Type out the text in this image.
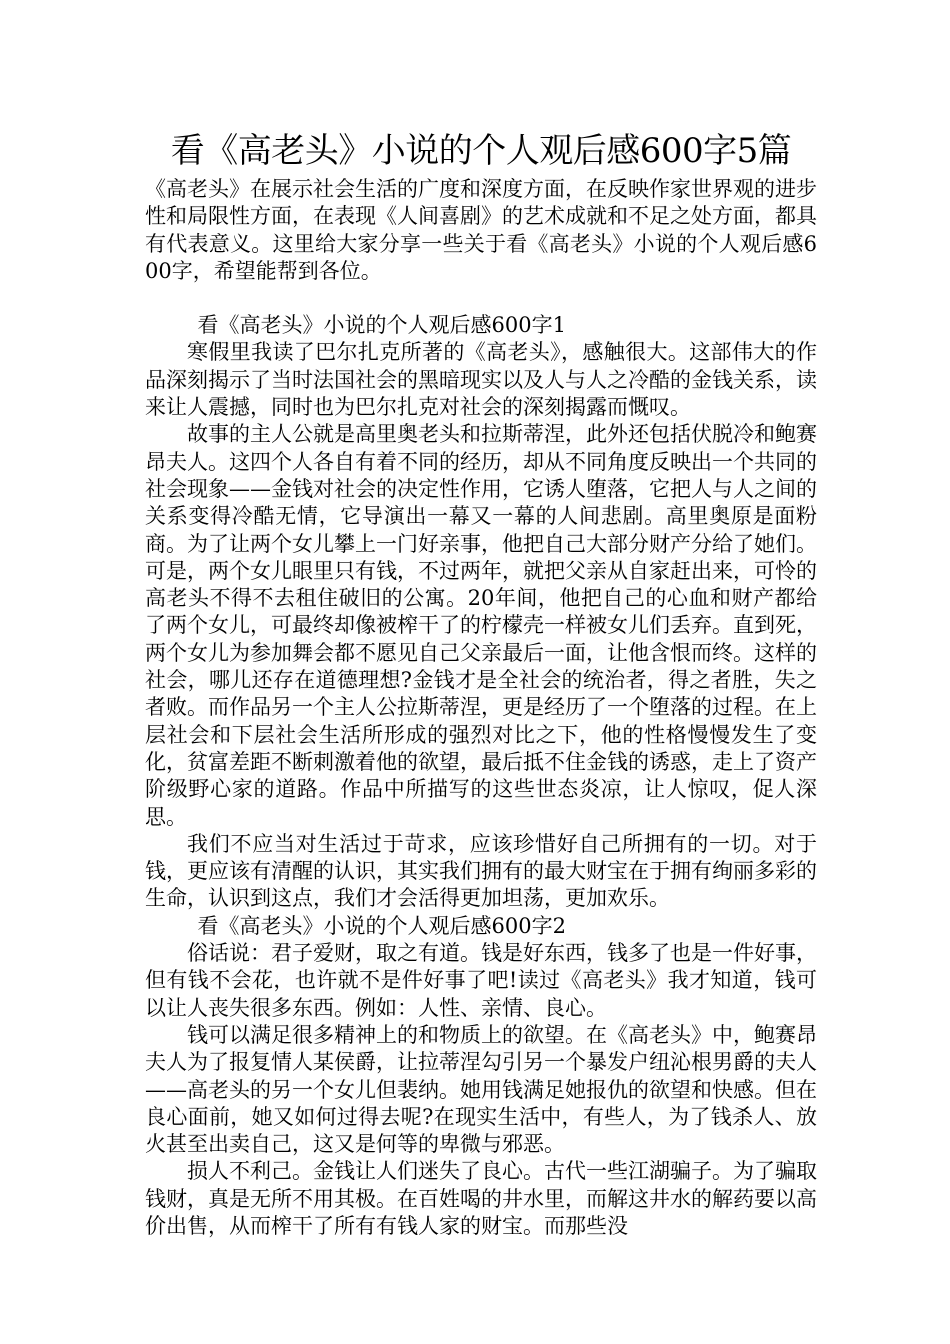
看《高老头》小说的个人观后感600字5篇

《高老头》在展示社会生活的广度和深度方面，在反映作家世界观的进步性和局限性方面，在表现《人间喜剧》的艺术成就和不足之处方面，都具有代表意义。这里给大家分享一些关于看《高老头》小说的个人观后感600字，希望能帮到各位。

看《高老头》小说的个人观后感600字1

寒假里我读了巴尔扎克所著的《高老头》，感触很大。这部伟大的作品深刻揭示了当时法国社会的黑暗现实以及人与人之冷酷的金钱关系，读来让人震撼，同时也为巴尔扎克对社会的深刻揭露而慨叹。

故事的主人公就是高里奥老头和拉斯蒂涅，此外还包括伏脱冷和鲍赛昂夫人。这四个人各自有着不同的经历，却从不同角度反映出一个共同的社会现象——金钱对社会的决定性作用，它诱人堕落，它把人与人之间的关系变得冷酷无情，它导演出一幕又一幕的人间悲剧。高里奥原是面粉商。为了让两个女儿攀上一门好亲事，他把自己大部分财产分给了她们。可是，两个女儿眼里只有钱，不过两年，就把父亲从自家赶出来，可怜的高老头不得不去租住破旧的公寓。20年间，他把自己的心血和财产都给了两个女儿，可最终却像被榨干了的柠檬壳一样被女儿们丢弃。直到死，两个女儿为参加舞会都不愿见自己父亲最后一面，让他含恨而终。这样的社会，哪儿还存在道德理想?金钱才是全社会的统治者，得之者胜，失之者败。而作品另一个主人公拉斯蒂涅，更是经历了一个堕落的过程。在上层社会和下层社会生活所形成的强烈对比之下，他的性格慢慢发生了变化，贫富差距不断刺激着他的欲望，最后抵不住金钱的诱惑，走上了资产阶级野心家的道路。作品中所描写的这些世态炎凉，让人惊叹，促人深思。

我们不应当对生活过于苛求，应该珍惜好自己所拥有的一切。对于钱，更应该有清醒的认识，其实我们拥有的最大财宝在于拥有绚丽多彩的生命，认识到这点，我们才会活得更加坦荡，更加欢乐。

看《高老头》小说的个人观后感600字2

俗话说：君子爱财，取之有道。钱是好东西，钱多了也是一件好事，但有钱不会花，也许就不是件好事了吧!读过《高老头》我才知道，钱可以让人丧失很多东西。例如：人性、亲情、良心。

钱可以满足很多精神上的和物质上的欲望。在《高老头》中，鲍赛昂夫人为了报复情人某侯爵，让拉蒂涅勾引另一个暴发户纽沁根男爵的夫人——高老头的另一个女儿但裴纳。她用钱满足她报仇的欲望和快感。但在良心面前，她又如何过得去呢?在现实生活中，有些人，为了钱杀人、放火甚至出卖自己，这又是何等的卑微与邪恶。

损人不利己。金钱让人们迷失了良心。古代一些江湖骗子。为了骗取钱财，真是无所不用其极。在百姓喝的井水里，而解这井水的解药要以高价出售，从而榨干了所有有钱人家的财宝。而那些没
